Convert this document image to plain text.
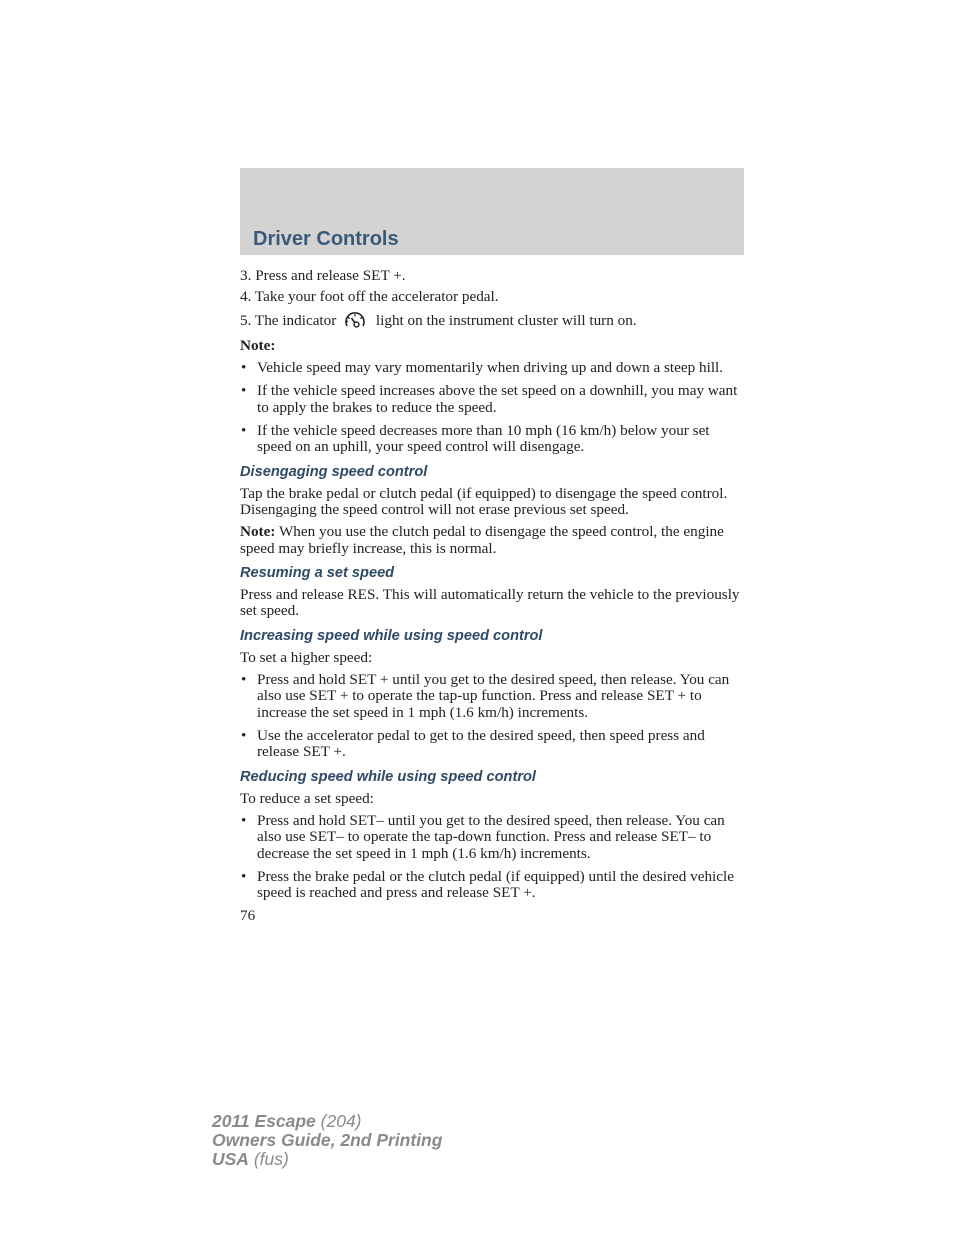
Driver Controls
3. Press and release SET +.
4. Take your foot off the accelerator pedal.
5. The indicator	light on the instrument cluster will turn on.
Note:
• Vehicle speed may vary momentarily when driving up and down a steep hill.
• If the vehicle speed increases above the set speed on a downhill, you may want to apply the brakes to reduce the speed.
• If the vehicle speed decreases more than 10 mph (16 km/h) below your set speed on an uphill, your speed control will disengage.
Disengaging speed control

Tap the brake pedal or clutch pedal (if equipped) to disengage the speed control. Disengaging the speed control will not erase previous set speed.

Note: When you use the clutch pedal to disengage the speed control, the engine speed may briefly increase, this is normal.

Resuming a set speed

Press and release RES. This will automatically return the vehicle to the previously set speed.

Increasing speed while using speed control

To set a higher speed:

• Press and hold SET + until you get to the desired speed, then release. You can also use SET + to operate the tap-up function. Press and release SET + to increase the set speed in 1 mph (1.6 km/h) increments.
• Use the accelerator pedal to get to the desired speed, then speed press and release SET +.
Reducing speed while using speed control

To reduce a set speed:

• Press and hold SET– until you get to the desired speed, then release. You can also use SET– to operate the tap-down function. Press and release SET– to decrease the set speed in 1 mph (1.6 km/h) increments.
• Press the brake pedal or the clutch pedal (if equipped) until the desired vehicle speed is reached and press and release SET +.
76
2011 Escape (204)
Owners Guide, 2nd Printing
USA (fus)
